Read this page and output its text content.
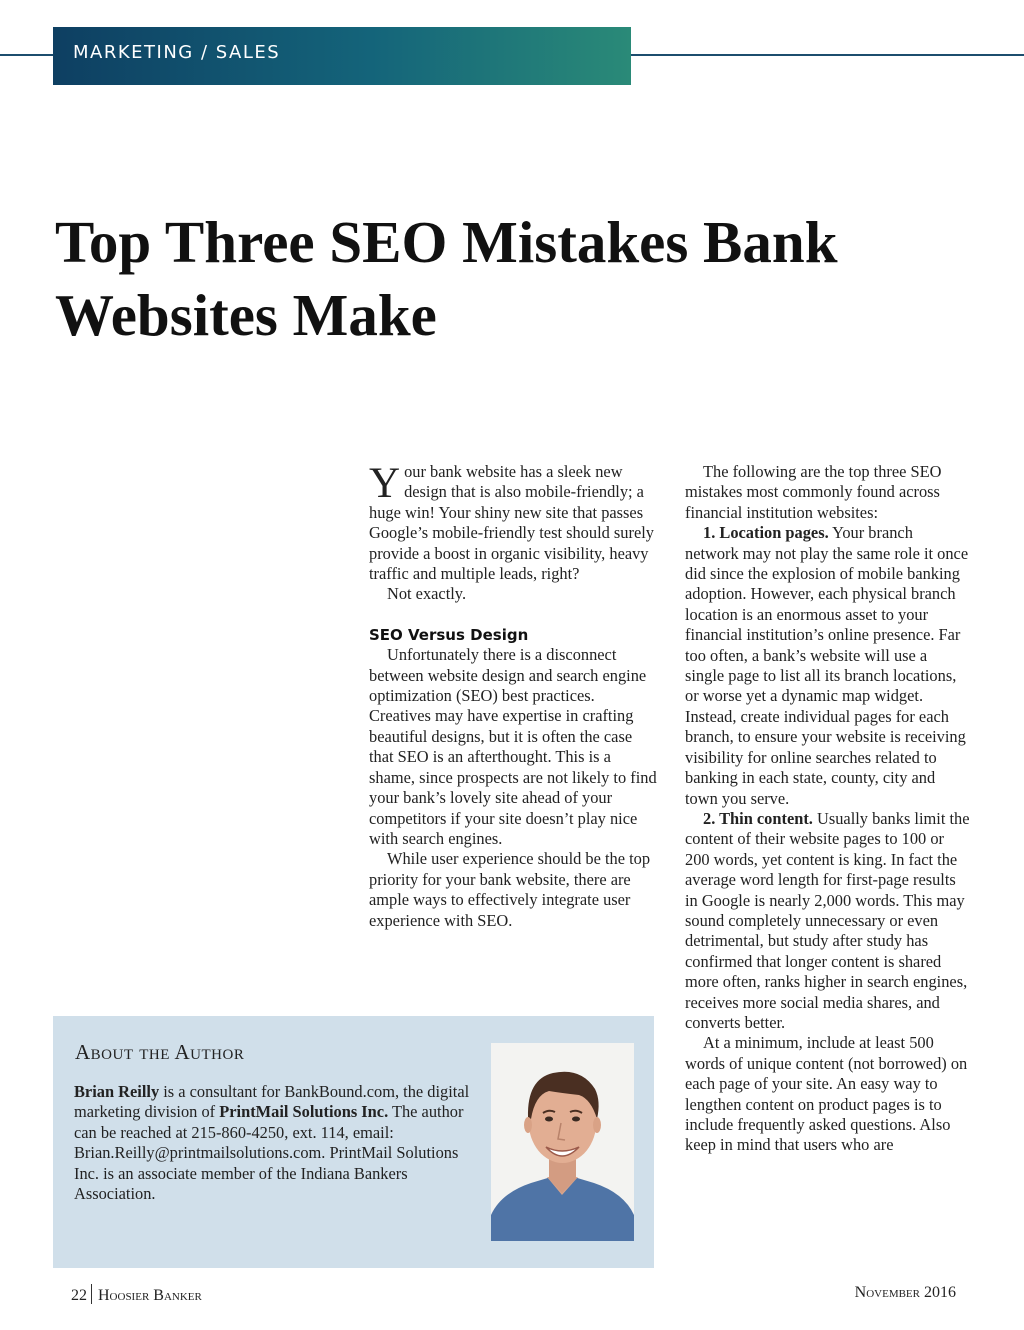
MARKETING / SALES
Top Three SEO Mistakes Bank Websites Make

Your bank website has a sleek new design that is also mobile-friendly; a huge win! Your shiny new site that passes Google’s mobile-friendly test should surely provide a boost in organic visibility, heavy traffic and multiple leads, right?

Not exactly.

SEO Versus Design

Unfortunately there is a disconnect between website design and search engine optimization (SEO) best practices. Creatives may have expertise in crafting beautiful designs, but it is often the case that SEO is an afterthought. This is a shame, since prospects are not likely to find your bank’s lovely site ahead of your competitors if your site doesn’t play nice with search engines.

While user experience should be the top priority for your bank website, there are ample ways to effectively integrate user experience with SEO.

The following are the top three SEO mistakes most commonly found across financial institution websites:

1. Location pages. Your branch network may not play the same role it once did since the explosion of mobile banking adoption. However, each physical branch location is an enormous asset to your financial institution’s online presence. Far too often, a bank’s website will use a single page to list all its branch locations, or worse yet a dynamic map widget. Instead, create individual pages for each branch, to ensure your website is receiving visibility for online searches related to banking in each state, county, city and town you serve.

2. Thin content. Usually banks limit the content of their website pages to 100 or 200 words, yet content is king. In fact the average word length for first-page results in Google is nearly 2,000 words. This may sound completely unnecessary or even detrimental, but study after study has confirmed that longer content is shared more often, ranks higher in search engines, receives more social media shares, and converts better.

At a minimum, include at least 500 words of unique content (not borrowed) on each page of your site. An easy way to lengthen content on product pages is to include frequently asked questions. Also keep in mind that users who are

About the Author
Brian Reilly is a consultant for BankBound.com, the digital marketing division of PrintMail Solutions Inc. The author can be reached at 215-860-4250, ext. 114, email: Brian.Reilly@printmailsolutions.com. PrintMail Solutions Inc. is an associate member of the Indiana Bankers Association.
22 Hoosier Banker	November 2016
